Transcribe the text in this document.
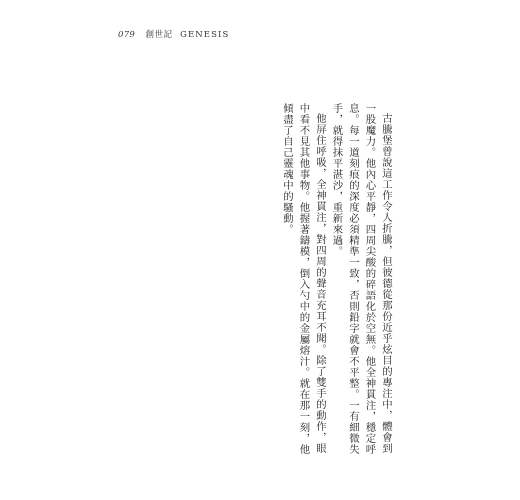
079 創世記 GENESIS

古騰堡曾說這工作令人折騰，但彼德從那份近乎炫目的專注中，體會到一股魔力。他內心平靜，四周尖酸的碎語化於空無。他全神貫注，穩定呼息。每一道刻痕的深度必須精準一致，否則鉛字就會不平整。一有細微失手，就得抹平湛沙，重新來過。

他屏住呼吸，全神貫注，對四周的聲音充耳不聞。除了雙手的動作，眼中看不見其他事物。他握著鑄模，倒入勺中的金屬熔汁。就在那一刻，他傾盡了自己靈魂中的騷動。
